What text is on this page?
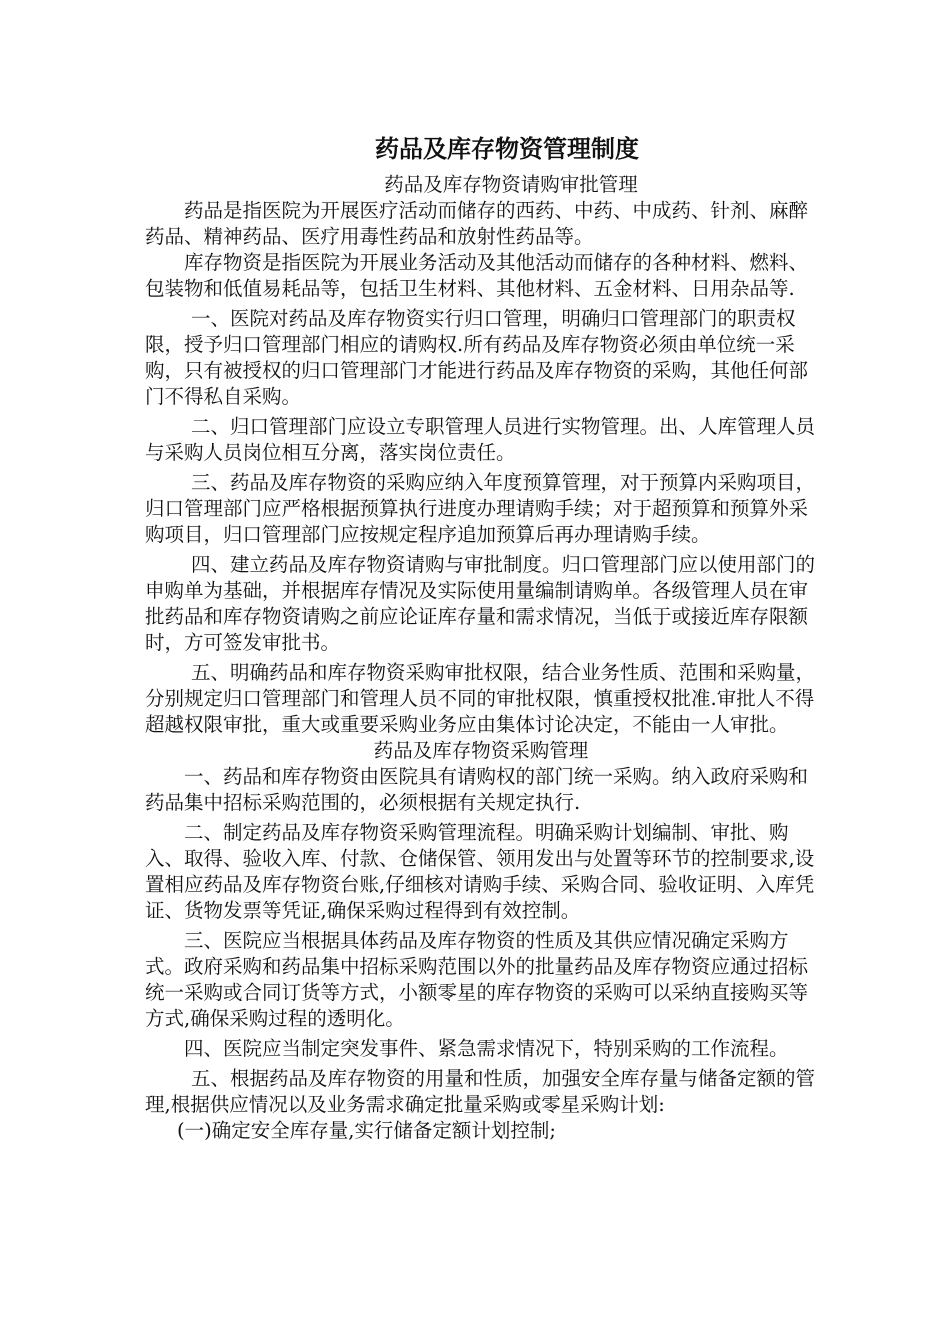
药品及库存物资管理制度

药品及库存物资请购审批管理

药品是指医院为开展医疗活动而储存的西药、中药、中成药、针剂、麻醉药品、精神药品、医疗用毒性药品和放射性药品等。

库存物资是指医院为开展业务活动及其他活动而储存的各种材料、燃料、包装物和低值易耗品等，包括卫生材料、其他材料、五金材料、日用杂品等.

一、医院对药品及库存物资实行归口管理，明确归口管理部门的职责权限，授予归口管理部门相应的请购权.所有药品及库存物资必须由单位统一采购，只有被授权的归口管理部门才能进行药品及库存物资的采购，其他任何部门不得私自采购。

二、归口管理部门应设立专职管理人员进行实物管理。出、人库管理人员与采购人员岗位相互分离，落实岗位责任。

三、药品及库存物资的采购应纳入年度预算管理，对于预算内采购项目，归口管理部门应严格根据预算执行进度办理请购手续；对于超预算和预算外采购项目，归口管理部门应按规定程序追加预算后再办理请购手续。

四、建立药品及库存物资请购与审批制度。归口管理部门应以使用部门的申购单为基础，并根据库存情况及实际使用量编制请购单。各级管理人员在审批药品和库存物资请购之前应论证库存量和需求情况，当低于或接近库存限额时，方可签发审批书。

五、明确药品和库存物资采购审批权限，结合业务性质、范围和采购量，分别规定归口管理部门和管理人员不同的审批权限，慎重授权批准.审批人不得超越权限审批，重大或重要采购业务应由集体讨论决定，不能由一人审批。

药品及库存物资采购管理

一、药品和库存物资由医院具有请购权的部门统一采购。纳入政府采购和药品集中招标采购范围的，必须根据有关规定执行.

二、制定药品及库存物资采购管理流程。明确采购计划编制、审批、购入、取得、验收入库、付款、仓储保管、领用发出与处置等环节的控制要求,设置相应药品及库存物资台账,仔细核对请购手续、采购合同、验收证明、入库凭证、货物发票等凭证,确保采购过程得到有效控制。

三、医院应当根据具体药品及库存物资的性质及其供应情况确定采购方式。政府采购和药品集中招标采购范围以外的批量药品及库存物资应通过招标统一采购或合同订货等方式，小额零星的库存物资的采购可以采纳直接购买等方式,确保采购过程的透明化。

四、医院应当制定突发事件、紧急需求情况下，特别采购的工作流程。

五、根据药品及库存物资的用量和性质，加强安全库存量与储备定额的管理,根据供应情况以及业务需求确定批量采购或零星采购计划:

(一)确定安全库存量,实行储备定额计划控制;
